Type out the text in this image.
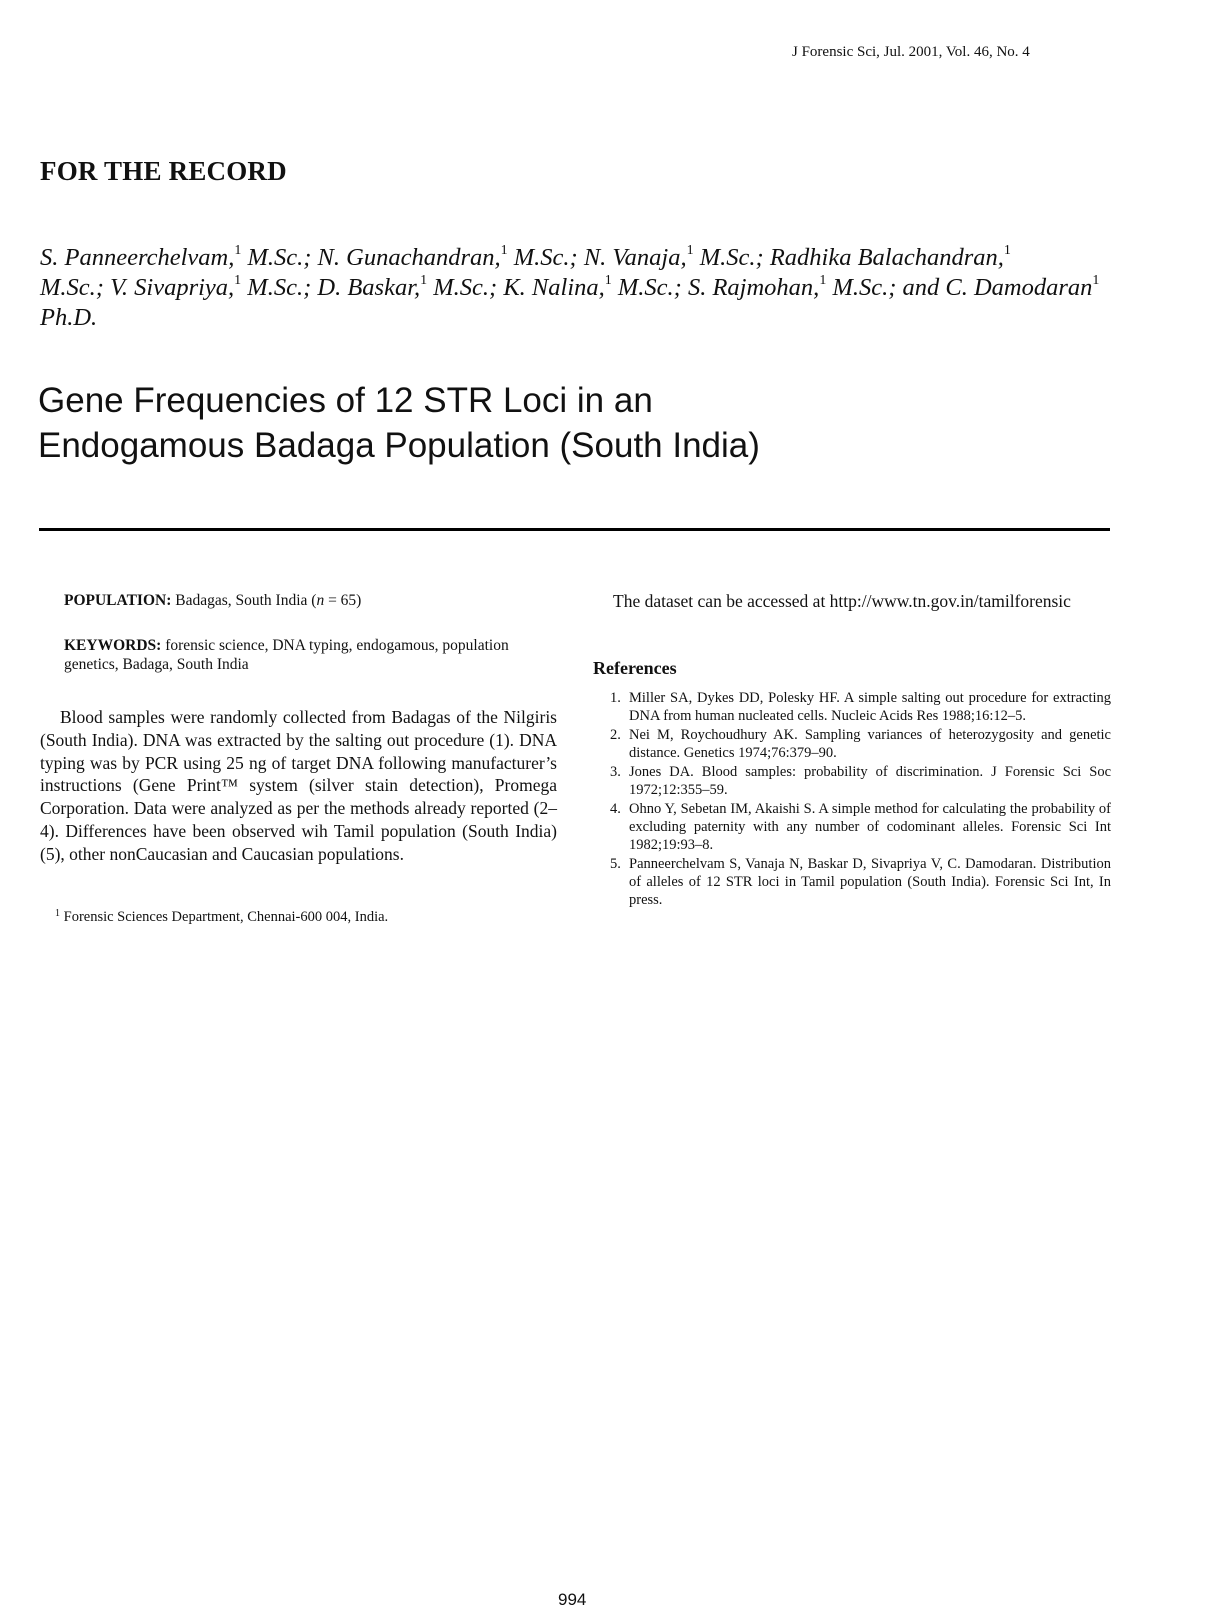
J Forensic Sci, Jul. 2001, Vol. 46, No. 4
FOR THE RECORD
S. Panneerchelvam,$^1$ M.Sc.; N. Gunachandran,$^1$ M.Sc.; N. Vanaja,$^1$ M.Sc.; Radhika Balachandran,$^1$
M.Sc.; V. Sivapriya,$^1$ M.Sc.; D. Baskar,$^1$ M.Sc.; K. Nalina,$^1$ M.Sc.; S. Rajmohan,$^1$ M.Sc.; and C. Damodaran$^1$ Ph.D.
Gene Frequencies of 12 STR Loci in an
Endogamous Badaga Population (South India)
POPULATION: Badagas, South India (n = 65)
KEYWORDS: forensic science, DNA typing, endogamous, population genetics, Badaga, South India
Blood samples were randomly collected from Badagas of the Nilgiris (South India). DNA was extracted by the salting out procedure (1). DNA typing was by PCR using 25 ng of target DNA following manufacturer’s instructions (Gene Print™ system (silver stain detection), Promega Corporation. Data were analyzed as per the methods already reported (2–4). Differences have been observed wih Tamil population (South India) (5), other nonCaucasian and Caucasian populations.
$^1$ Forensic Sciences Department, Chennai-600 004, India.
The dataset can be accessed at http://www.tn.gov.in/tamilforensic
References
1. Miller SA, Dykes DD, Polesky HF. A simple salting out procedure for extracting DNA from human nucleated cells. Nucleic Acids Res 1988;16:12–5.
2. Nei M, Roychoudhury AK. Sampling variances of heterozygosity and genetic distance. Genetics 1974;76:379–90.
3. Jones DA. Blood samples: probability of discrimination. J Forensic Sci Soc 1972;12:355–59.
4. Ohno Y, Sebetan IM, Akaishi S. A simple method for calculating the probability of excluding paternity with any number of codominant alleles. Forensic Sci Int 1982;19:93–8.
5. Panneerchelvam S, Vanaja N, Baskar D, Sivapriya V, C. Damodaran. Distribution of alleles of 12 STR loci in Tamil population (South India). Forensic Sci Int, In press.
994
